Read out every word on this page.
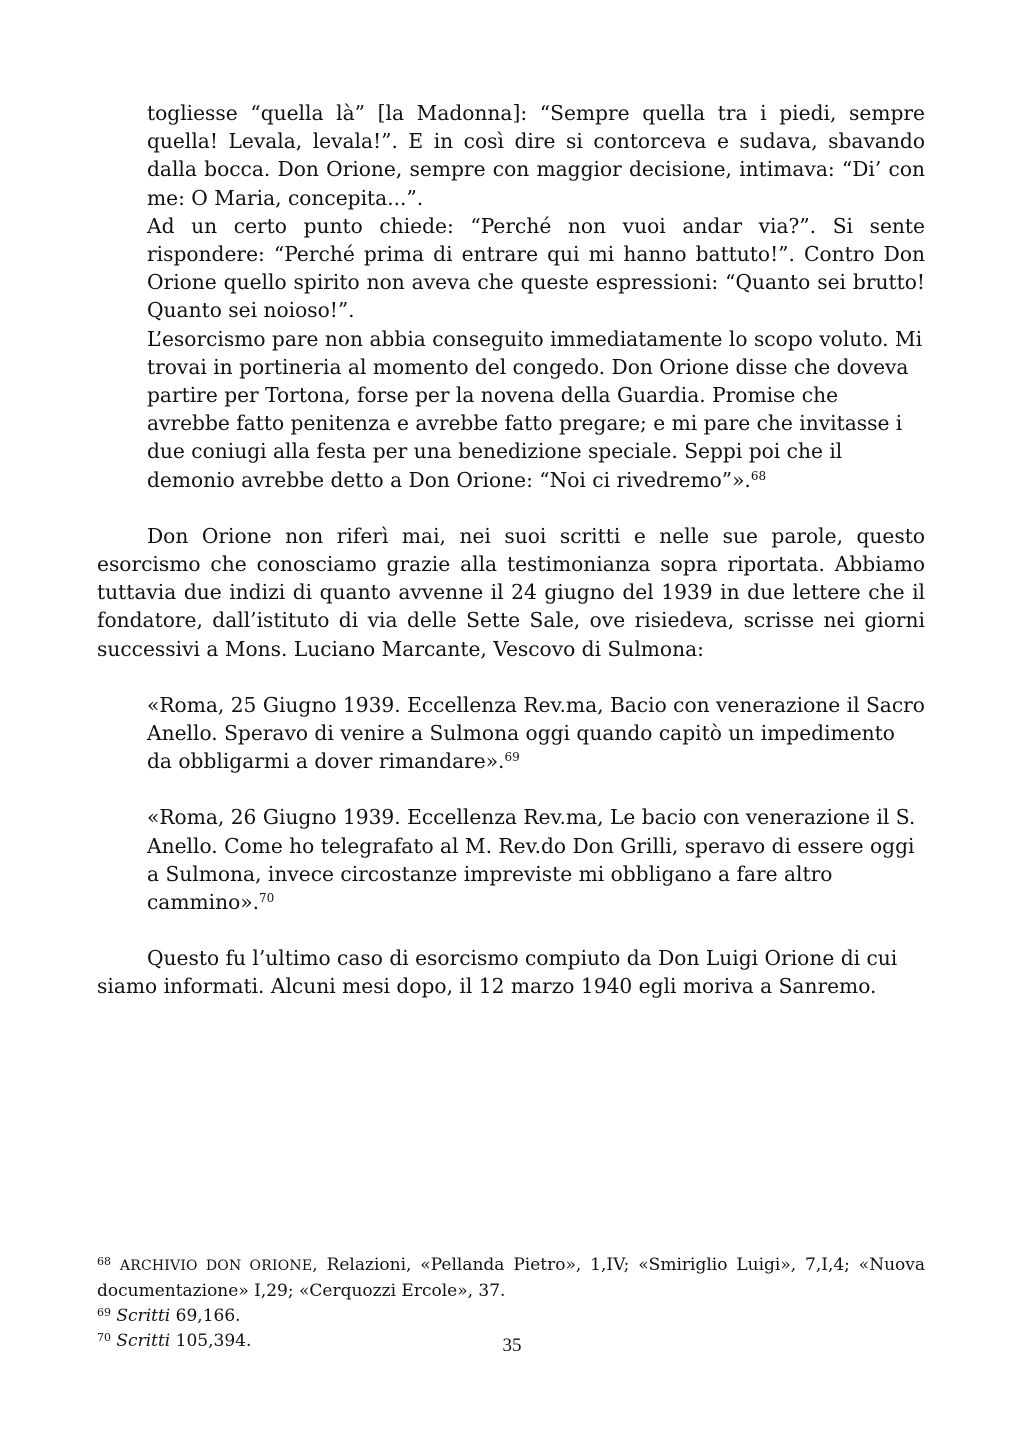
togliesse “quella là” [la Madonna]: “Sempre quella tra i piedi, sempre quella! Levala, levala!”. E in così dire si contorceva e sudava, sbavando dalla bocca. Don Orione, sempre con maggior decisione, intimava: “Di’ con me: O Maria, concepita...”.

Ad un certo punto chiede: “Perché non vuoi andar via?”. Si sente rispondere: “Perché prima di entrare qui mi hanno battuto!”. Contro Don Orione quello spirito non aveva che queste espressioni: “Quanto sei brutto! Quanto sei noioso!”.

L’esorcismo pare non abbia conseguito immediatamente lo scopo voluto. Mi trovai in portineria al momento del congedo. Don Orione disse che doveva partire per Tortona, forse per la novena della Guardia. Promise che avrebbe fatto penitenza e avrebbe fatto pregare; e mi pare che invitasse i due coniugi alla festa per una benedizione speciale. Seppi poi che il demonio avrebbe detto a Don Orione: “Noi ci rivedremo”».$^{68}$

Don Orione non riferì mai, nei suoi scritti e nelle sue parole, questo esorcismo che conosciamo grazie alla testimonianza sopra riportata. Abbiamo tuttavia due indizi di quanto avvenne il 24 giugno del 1939 in due lettere che il fondatore, dall’istituto di via delle Sette Sale, ove risiedeva, scrisse nei giorni successivi a Mons. Luciano Marcante, Vescovo di Sulmona:

«Roma, 25 Giugno 1939. Eccellenza Rev.ma, Bacio con venerazione il Sacro Anello. Speravo di venire a Sulmona oggi quando capitò un impedimento da obbligarmi a dover rimandare».$^{69}$

«Roma, 26 Giugno 1939. Eccellenza Rev.ma, Le bacio con venerazione il S. Anello. Come ho telegrafato al M. Rev.do Don Grilli, speravo di essere oggi a Sulmona, invece circostanze impreviste mi obbligano a fare altro cammino».$^{70}$

Questo fu l’ultimo caso di esorcismo compiuto da Don Luigi Orione di cui siamo informati. Alcuni mesi dopo, il 12 marzo 1940 egli moriva a Sanremo.

$^{68}$ ARCHIVIO DON ORIONE, Relazioni, «Pellanda Pietro», 1,IV; «Smiriglio Luigi», 7,I,4; «Nuova documentazione» I,29; «Cerquozzi Ercole», 37.

$^{69}$ Scritti 69,166.

$^{70}$ Scritti 105,394.	35
